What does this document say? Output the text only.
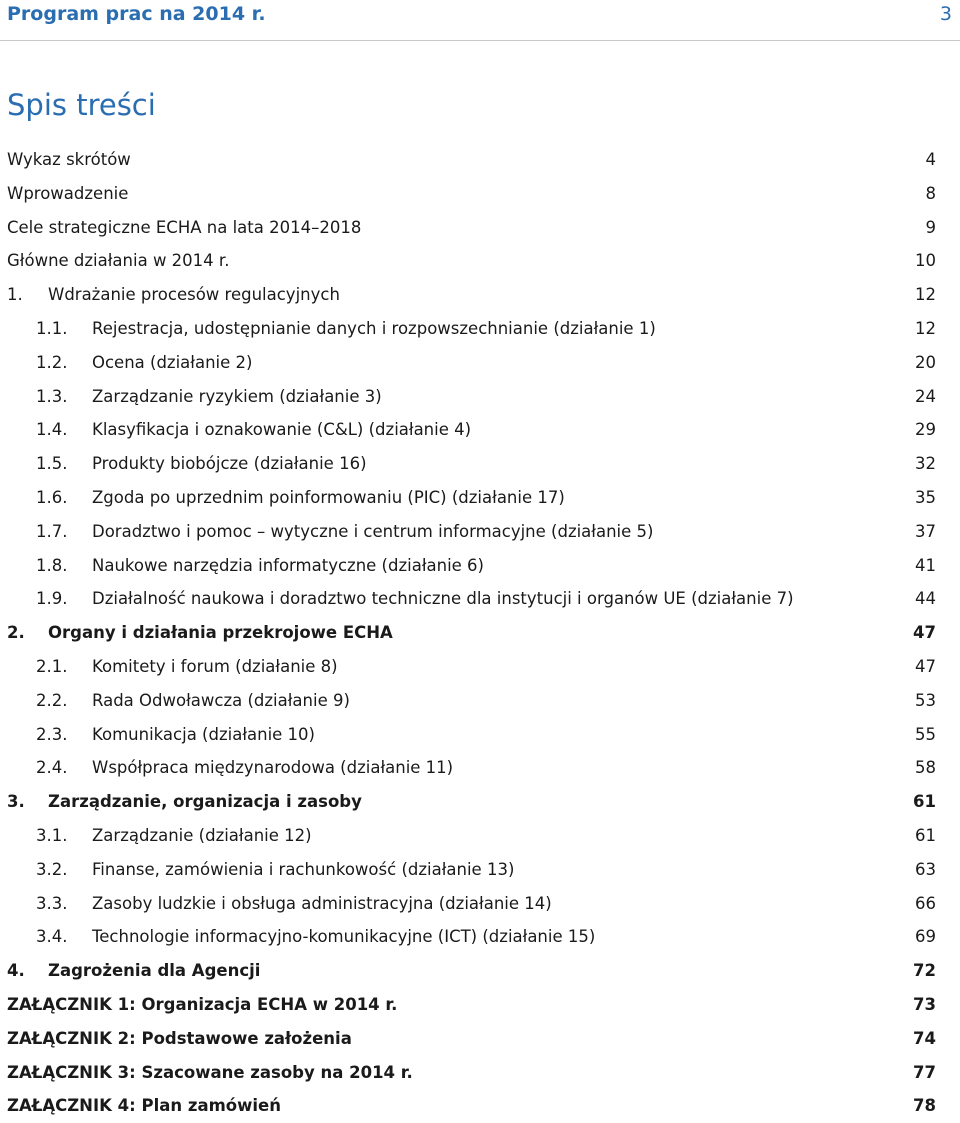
Program prac na 2014 r.	3
Spis treści
Wykaz skrótów	4
Wprowadzenie	8
Cele strategiczne ECHA na lata 2014–2018	9
Główne działania w 2014 r.	10
1. Wdrażanie procesów regulacyjnych	12
1.1. Rejestracja, udostępnianie danych i rozpowszechnianie (działanie 1)	12
1.2. Ocena (działanie 2)	20
1.3. Zarządzanie ryzykiem (działanie 3)	24
1.4. Klasyfikacja i oznakowanie (C&L) (działanie 4)	29
1.5. Produkty biobójcze (działanie 16)	32
1.6. Zgoda po uprzednim poinformowaniu (PIC) (działanie 17)	35
1.7. Doradztwo i pomoc – wytyczne i centrum informacyjne (działanie 5)	37
1.8. Naukowe narzędzia informatyczne (działanie 6)	41
1.9. Działalność naukowa i doradztwo techniczne dla instytucji i organów UE (działanie 7)	44
2. Organy i działania przekrojowe ECHA	47
2.1. Komitety i forum (działanie 8)	47
2.2. Rada Odwoławcza (działanie 9)	53
2.3. Komunikacja (działanie 10)	55
2.4. Współpraca międzynarodowa (działanie 11)	58
3. Zarządzanie, organizacja i zasoby	61
3.1. Zarządzanie (działanie 12)	61
3.2. Finanse, zamówienia i rachunkowość (działanie 13)	63
3.3. Zasoby ludzkie i obsługa administracyjna (działanie 14)	66
3.4. Technologie informacyjno-komunikacyjne (ICT) (działanie 15)	69
4. Zagrożenia dla Agencji	72
ZAŁĄCZNIK 1: Organizacja ECHA w 2014 r.	73
ZAŁĄCZNIK 2: Podstawowe założenia	74
ZAŁĄCZNIK 3: Szacowane zasoby na 2014 r.	77
ZAŁĄCZNIK 4: Plan zamówień	78
